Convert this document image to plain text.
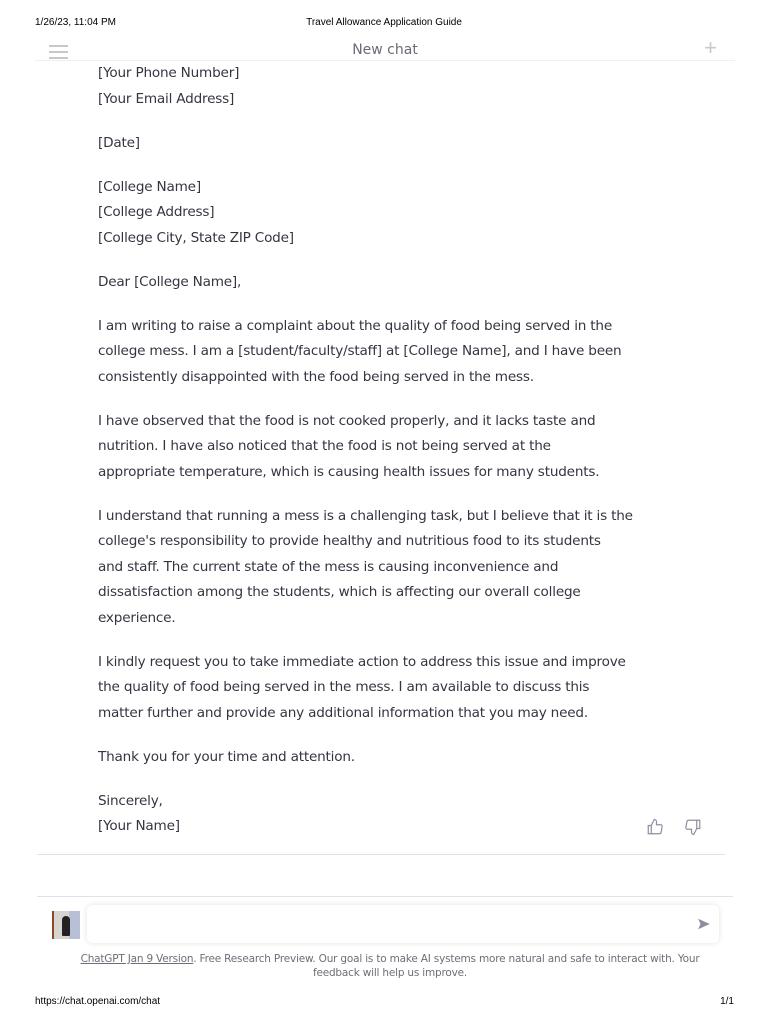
1/26/23, 11:04 PM	Travel Allowance Application Guide
New chat	+
[Your Phone Number]
[Your Email Address]
[Date]
[College Name]
[College Address]
[College City, State ZIP Code]
Dear [College Name],
I am writing to raise a complaint about the quality of food being served in the
college mess. I am a [student/faculty/staff] at [College Name], and I have been
consistently disappointed with the food being served in the mess.
I have observed that the food is not cooked properly, and it lacks taste and
nutrition. I have also noticed that the food is not being served at the
appropriate temperature, which is causing health issues for many students.
I understand that running a mess is a challenging task, but I believe that it is the
college's responsibility to provide healthy and nutritious food to its students
and staff. The current state of the mess is causing inconvenience and
dissatisfaction among the students, which is affecting our overall college
experience.
I kindly request you to take immediate action to address this issue and improve
the quality of food being served in the mess. I am available to discuss this
matter further and provide any additional information that you may need.
Thank you for your time and attention.
Sincerely,
[Your Name]
ChatGPT Jan 9 Version. Free Research Preview. Our goal is to make AI systems more natural and safe to interact with. Your feedback will help us improve.
https://chat.openai.com/chat	1/1
